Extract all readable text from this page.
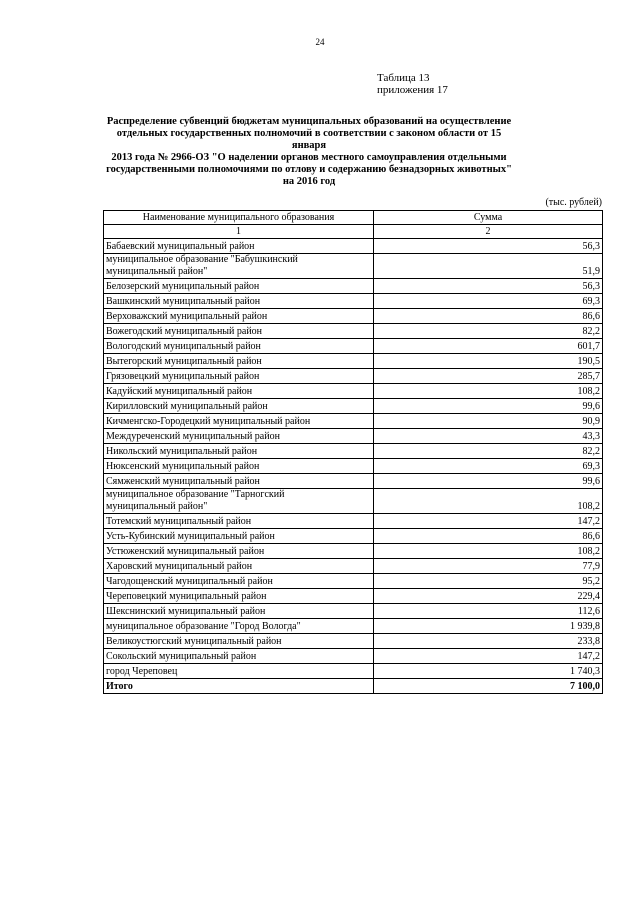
24
Таблица 13
приложения 17
Распределение субвенций бюджетам муниципальных образований на осуществление
отдельных государственных полномочий в соответствии с законом области от 15 января
2013 года № 2966-ОЗ "О наделении органов местного самоуправления отдельными
государственными полномочиями по отлову и содержанию безнадзорных животных"
на 2016 год
(тыс. рублей)
Наименование муниципального образования	Сумма
1	2

Бабаевский муниципальный район	56,3

муниципальное образование "Бабушкинский
муниципальный район"	51,9

Белозерский муниципальный район	56,3

Вашкинский муниципальный район	69,3

Верховажский муниципальный район	86,6

Вожегодский муниципальный район	82,2

Вологодский муниципальный район	601,7

Вытегорский муниципальный район	190,5

Грязовецкий муниципальный район	285,7

Кадуйский муниципальный район	108,2

Кирилловский муниципальный район	99,6

Кичменгско-Городецкий муниципальный район	90,9

Междуреченский муниципальный район	43,3

Никольский муниципальный район	82,2

Нюксенский муниципальный район	69,3

Сямженский муниципальный район	99,6

муниципальное образование "Тарногский
муниципальный район"	108,2

Тотемский муниципальный район	147,2

Усть-Кубинский муниципальный район	86,6

Устюженский муниципальный район	108,2

Харовский муниципальный район	77,9

Чагодощенский муниципальный район	95,2

Череповецкий муниципальный район	229,4

Шекснинский муниципальный район	112,6

муниципальное образование "Город Вологда"	1 939,8

Великоустюгский муниципальный район	233,8

Сокольский муниципальный район	147,2

город Череповец	1 740,3
Итого	7 100,0
